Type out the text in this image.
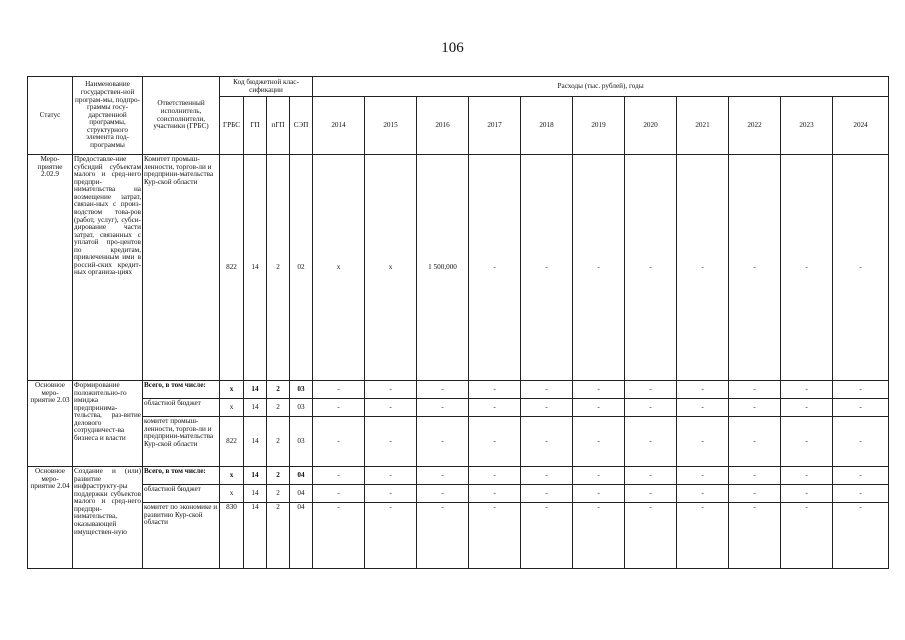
106
Статус	Наименование государствен-ной програм-мы, подпро-граммы госу-дарственной программы, структурного элемента под-программы	Ответственный исполнитель, соисполнители, участники (ГРБС)	Код бюджетной клас-сификации				Расходы (тыс. рублей), годы										
			ГРБС	ГП	пГП	СЭП	2014	2015	2016	2017	2018	2019	2020	2021	2022	2023	2024
Меро-приятие 2.02.9	Предоставле-ние субсидий субъектам малого и сред-него предпри-нимательства на возмещение затрат, связан-ных с произ-водством това-ров (работ, услуг), субси-дирование части затрат, связанных с уплатой про-центов по кредитам, привлеченным ими в россий-ских кредит-ных организа-циях	Комитет промыш-ленности, торгов-ли и предприни-мательства Кур-ской области	822	14	2	02	х	х	1 500,000	-	-	-	-	-	-	-	-
Основное меро-приятие 2.03	Формирование положительно-го имиджа предпринима-тельства, раз-витие делового сотрудничест-ва бизнеса и власти	Всего, в том числе:	х	14	2	03	-	-	-	-	-	-	-	-	-	-	-
		областной бюджет	х	14	2	03	-	-	-	-	-	-	-	-	-	-	-
		комитет промыш-ленности, торгов-ли и предприни-мательства Кур-ской области	822	14	2	03	-	-	-	-	-	-	-	-	-	-	-
Основное меро-приятие 2.04	Создание и (или) развитие инфраструкту-ры поддержки субъектов малого и сред-него предпри-нимательства, оказывающей имуществен-ную	Всего, в том числе:	х	14	2	04	-	-	-	-	-	-	-	-	-	-	-
		областной бюджет	х	14	2	04	-	-	-	-	-	-	-	-	-	-	-
		комитет по экономике и развитию Кур-ской области	830	14	2	04	-	-	-	-	-	-	-	-	-	-	-
